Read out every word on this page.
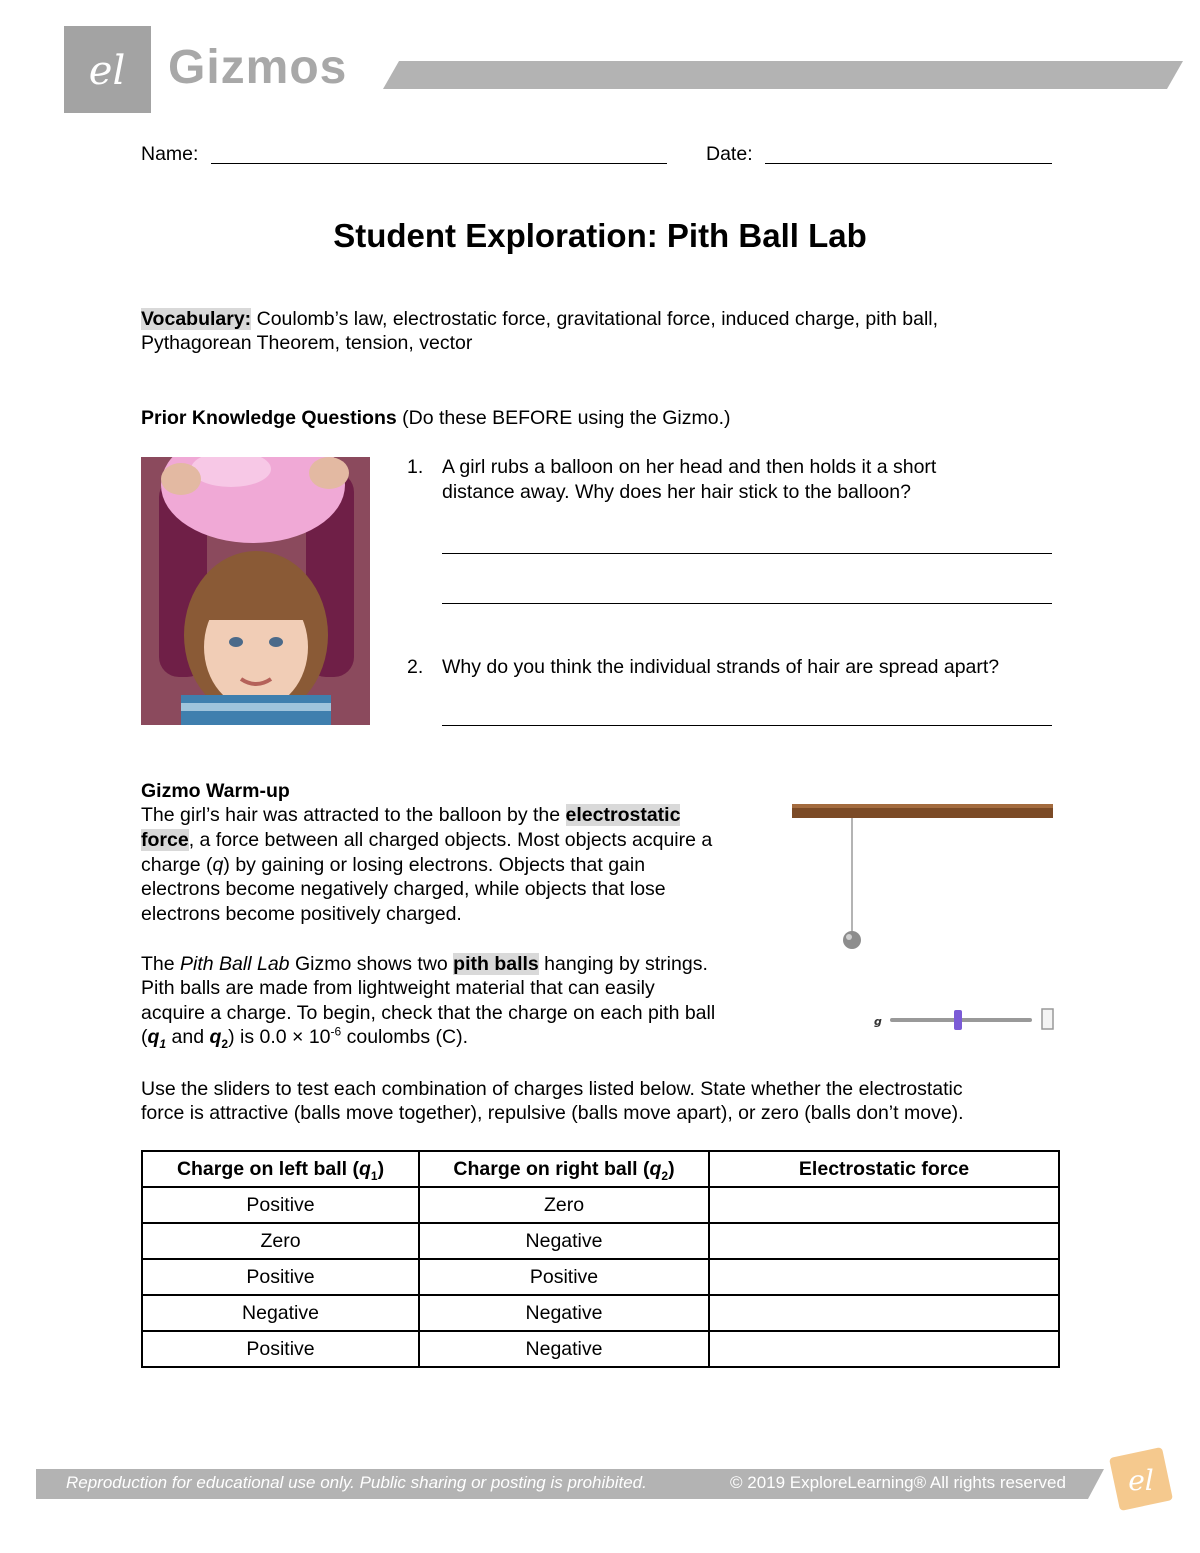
el Gizmos
Name:	Date:
Student Exploration: Pith Ball Lab
Vocabulary: Coulomb’s law, electrostatic force, gravitational force, induced charge, pith ball,
Pythagorean Theorem, tension, vector
Prior Knowledge Questions (Do these BEFORE using the Gizmo.)
1. A girl rubs a balloon on her head and then holds it a short
distance away. Why does her hair stick to the balloon?
2. Why do you think the individual strands of hair are spread apart?
Gizmo Warm-up
The girl’s hair was attracted to the balloon by the electrostatic
force, a force between all charged objects. Most objects acquire a
charge (q) by gaining or losing electrons. Objects that gain
electrons become negatively charged, while objects that lose
electrons become positively charged.
The Pith Ball Lab Gizmo shows two pith balls hanging by strings.
Pith balls are made from lightweight material that can easily
acquire a charge. To begin, check that the charge on each pith ball
($q_1$ and $q_2$) is $0.0 \times 10^{-6}$ coulombs (C).
g
Use the sliders to test each combination of charges listed below. State whether the electrostatic
force is attractive (balls move together), repulsive (balls move apart), or zero (balls don’t move).
Charge on left ball $(q_1)$	Charge on right ball $(q_2)$	Electrostatic force
Positive	Zero	
Zero	Negative	
Positive	Positive	
Negative	Negative	
Positive	Negative	
Reproduction for educational use only. Public sharing or posting is prohibited.	© 2019 ExploreLearning® All rights reserved el
